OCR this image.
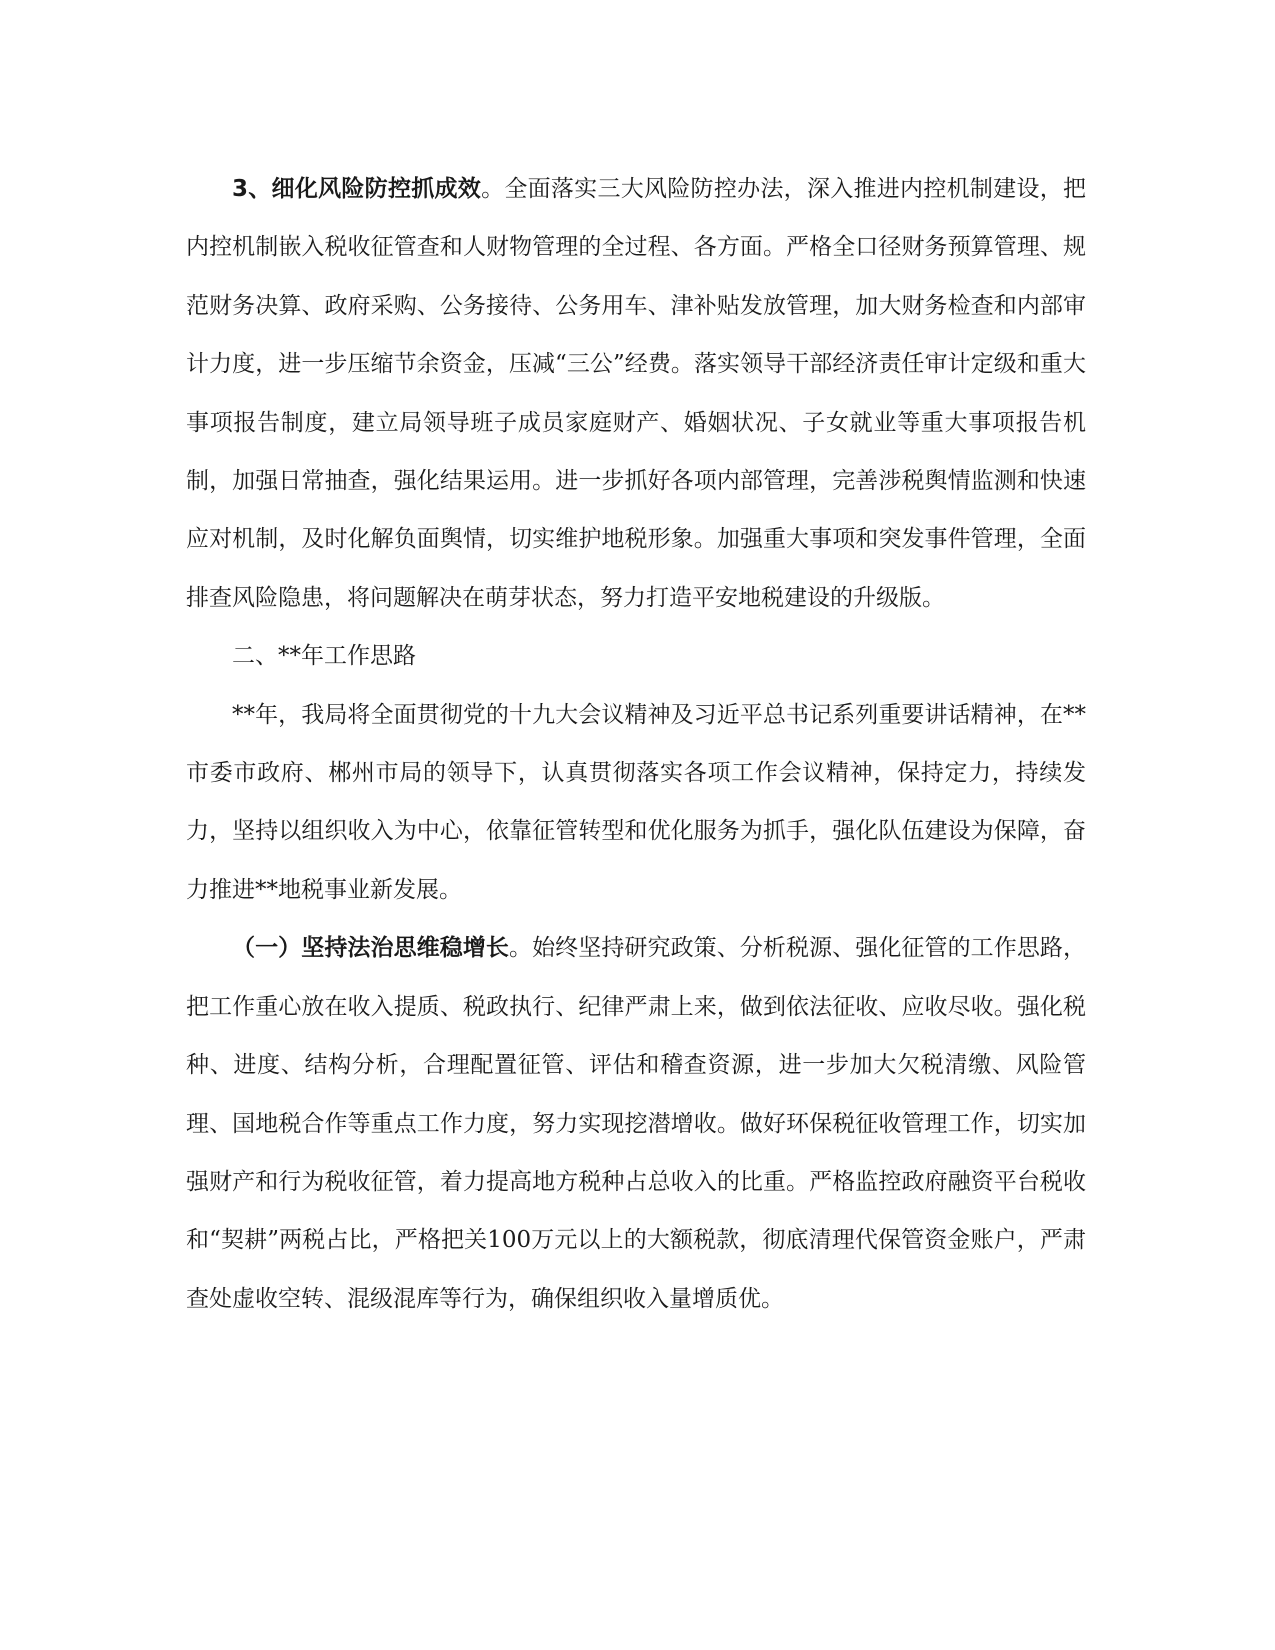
3、细化风险防控抓成效。全面落实三大风险防控办法，深入推进内控机制建设，把内控机制嵌入税收征管查和人财物管理的全过程、各方面。严格全口径财务预算管理、规范财务决算、政府采购、公务接待、公务用车、津补贴发放管理，加大财务检查和内部审计力度，进一步压缩节余资金，压减“三公”经费。落实领导干部经济责任审计定级和重大事项报告制度，建立局领导班子成员家庭财产、婚姻状况、子女就业等重大事项报告机制，加强日常抽查，强化结果运用。进一步抓好各项内部管理，完善涉税舆情监测和快速应对机制，及时化解负面舆情，切实维护地税形象。加强重大事项和突发事件管理，全面排查风险隐患，将问题解决在萌芽状态，努力打造平安地税建设的升级版。

二、**年工作思路

**年，我局将全面贯彻党的十九大会议精神及习近平总书记系列重要讲话精神，在**市委市政府、郴州市局的领导下，认真贯彻落实各项工作会议精神，保持定力，持续发力，坚持以组织收入为中心，依靠征管转型和优化服务为抓手，强化队伍建设为保障，奋力推进**地税事业新发展。

（一）坚持法治思维稳增长。始终坚持研究政策、分析税源、强化征管的工作思路，把工作重心放在收入提质、税政执行、纪律严肃上来，做到依法征收、应收尽收。强化税种、进度、结构分析，合理配置征管、评估和稽查资源，进一步加大欠税清缴、风险管理、国地税合作等重点工作力度，努力实现挖潜增收。做好环保税征收管理工作，切实加强财产和行为税收征管，着力提高地方税种占总收入的比重。严格监控政府融资平台税收和“契耕”两税占比，严格把关100万元以上的大额税款，彻底清理代保管资金账户，严肃查处虚收空转、混级混库等行为，确保组织收入量增质优。
